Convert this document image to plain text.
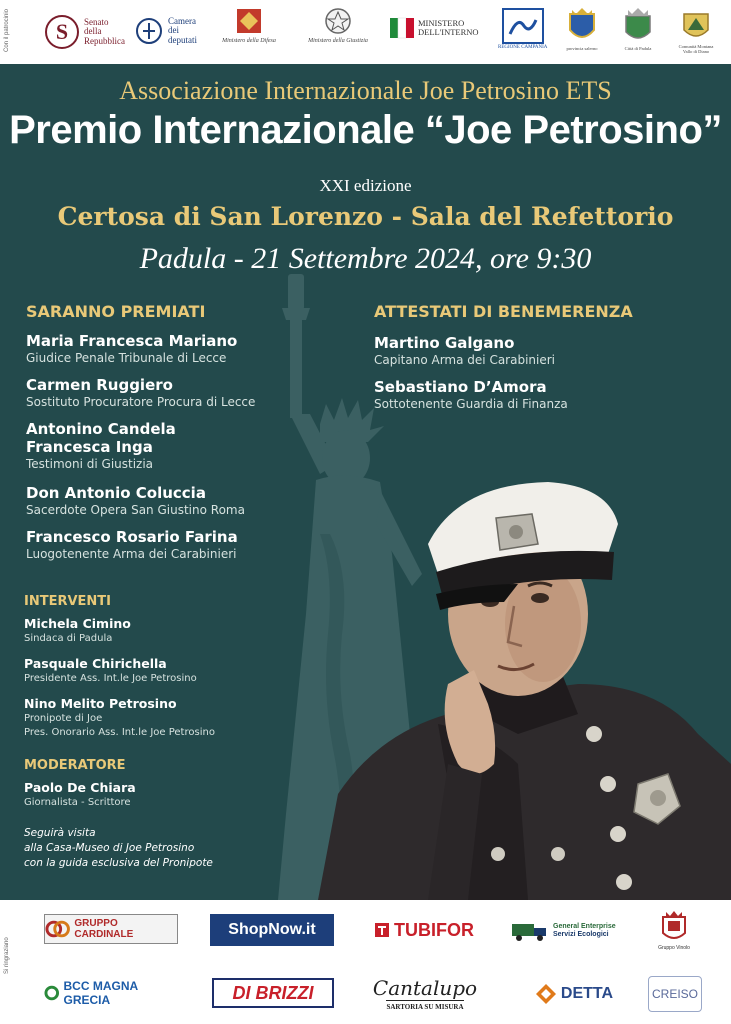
Con il patrocinio S Senato
della
Repubblica
Camera
dei
deputati	Ministero della Difesa	Ministero della Giustizia
MINISTERO
DELL'INTERNO
REGIONE CAMPANIA	provincia salerno	Città di Padula	Comunità Montana
Vallo di Diano
Associazione Internazionale Joe Petrosino ETS
Premio Internazionale “Joe Petrosino”
XXI edizione
Certosa di San Lorenzo - Sala del Refettorio
Padula - 21 Settembre 2024, ore 9:30
SARANNO PREMIATI
Maria Francesca Mariano
Giudice Penale Tribunale di Lecce
Carmen Ruggiero
Sostituto Procuratore Procura di Lecce
Antonino Candela
Francesca Inga
Testimoni di Giustizia
Don Antonio Coluccia
Sacerdote Opera San Giustino Roma
Francesco Rosario Farina
Luogotenente Arma dei Carabinieri
ATTESTATI DI BENEMERENZA
Martino Galgano
Capitano Arma dei Carabinieri
Sebastiano D’Amora
Sottotenente Guardia di Finanza
INTERVENTI
Michela Cimino
Sindaca di Padula
Pasquale Chirichella
Presidente Ass. Int.le Joe Petrosino
Nino Melito Petrosino
Pronipote di Joe
Pres. Onorario Ass. Int.le Joe Petrosino
MODERATORE
Paolo De Chiara
Giornalista - Scrittore
Seguirà visita
alla Casa-Museo di Joe Petrosino
con la guida esclusiva del Pronipote
Si ringraziano
GRUPPO CARDINALE	ShopNow.it	TUBIFOR	General Enterprise
Servizi Ecologici
Gruppo Vinolo
BCC MAGNA GRECIA	DI BRIZZI	Cantalupo
SARTORIA SU MISURA
DETTA	CREISO
